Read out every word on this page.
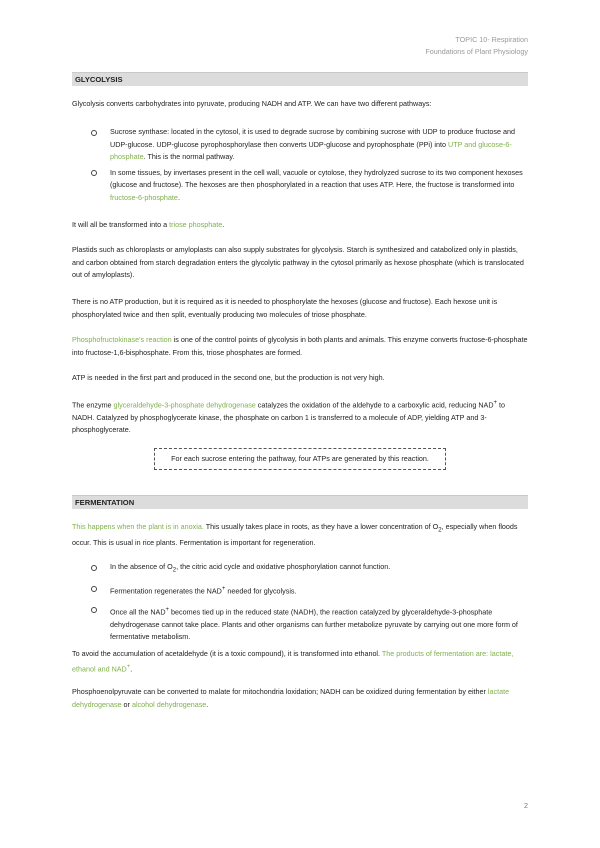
TOPIC 10- Respiration
Foundations of Plant Physiology
GLYCOLYSIS

Glycolysis converts carbohydrates into pyruvate, producing NADH and ATP. We can have two different pathways:

Sucrose synthase: located in the cytosol, it is used to degrade sucrose by combining sucrose with UDP to produce fructose and UDP-glucose. UDP-glucose pyrophosphorylase then converts UDP-glucose and pyrophosphate (PPi) into UTP and glucose-6-phosphate. This is the normal pathway.
In some tissues, by invertases present in the cell wall, vacuole or cytolose, they hydrolyzed sucrose to its two component hexoses (glucose and fructose). The hexoses are then phosphorylated in a reaction that uses ATP. Here, the fructose is transformed into fructose-6-phosphate.

It will all be transformed into a triose phosphate.

Plastids such as chloroplasts or amyloplasts can also supply substrates for glycolysis. Starch is synthesized and catabolized only in plastids, and carbon obtained from starch degradation enters the glycolytic pathway in the cytosol primarily as hexose phosphate (which is translocated out of amyloplasts).

There is no ATP production, but it is required as it is needed to phosphorylate the hexoses (glucose and fructose). Each hexose unit is phosphorylated twice and then split, eventually producing two molecules of triose phosphate.

Phosphofructokinase's reaction is one of the control points of glycolysis in both plants and animals. This enzyme converts fructose-6-phosphate into fructose-1,6-bisphosphate. From this, triose phosphates are formed.

ATP is needed in the first part and produced in the second one, but the production is not very high.

The enzyme glyceraldehyde-3-phosphate dehydrogenase catalyzes the oxidation of the aldehyde to a carboxylic acid, reducing NAD+ to NADH. Catalyzed by phosphoglycerate kinase, the phosphate on carbon 1 is transferred to a molecule of ADP, yielding ATP and 3-phosphoglycerate.

For each sucrose entering the pathway, four ATPs are generated by this reaction.
FERMENTATION

This happens when the plant is in anoxia. This usually takes place in roots, as they have a lower concentration of $O_2$, especially when floods occur. This is usual in rice plants. Fermentation is important for regeneration.

In the absence of $O_2$, the citric acid cycle and oxidative phosphorylation cannot function.
Fermentation regenerates the NAD+ needed for glycolysis.
Once all the NAD+ becomes tied up in the reduced state (NADH), the reaction catalyzed by glyceraldehyde-3-phosphate dehydrogenase cannot take place. Plants and other organisms can further metabolize pyruvate by carrying out one more form of fermentative metabolism.

To avoid the accumulation of acetaldehyde (it is a toxic compound), it is transformed into ethanol. The products of fermentation are: lactate, ethanol and NAD+.

Phosphoenolpyruvate can be converted to malate for mitochondria loxidation; NADH can be oxidized during fermentation by either lactate dehydrogenase or alcohol dehydrogenase.

2
